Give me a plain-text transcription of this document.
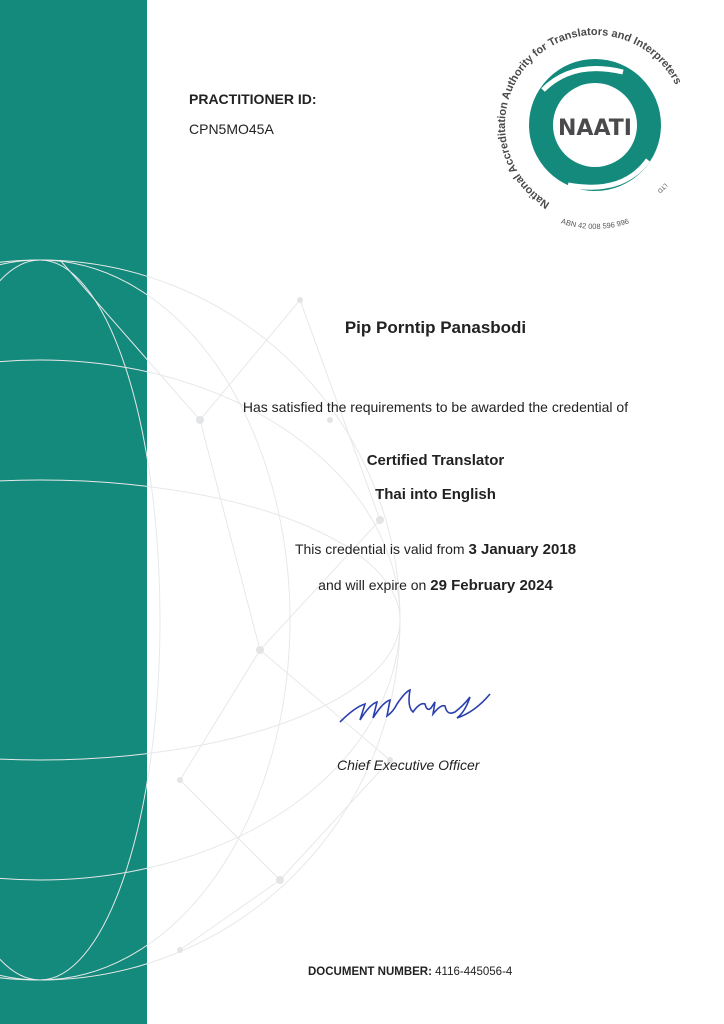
PRACTITIONER ID:
CPN5MO45A	NAATI
National Accreditation Authority for Translators and Interpreters
LTD
ABN 42 008 596 996
Pip Porntip Panasbodi
Has satisfied the requirements to be awarded the credential of
Certified Translator
Thai into English
This credential is valid from 3 January 2018
and will expire on 29 February 2024
Chief Executive Officer
DOCUMENT NUMBER: 4116-445056-4
